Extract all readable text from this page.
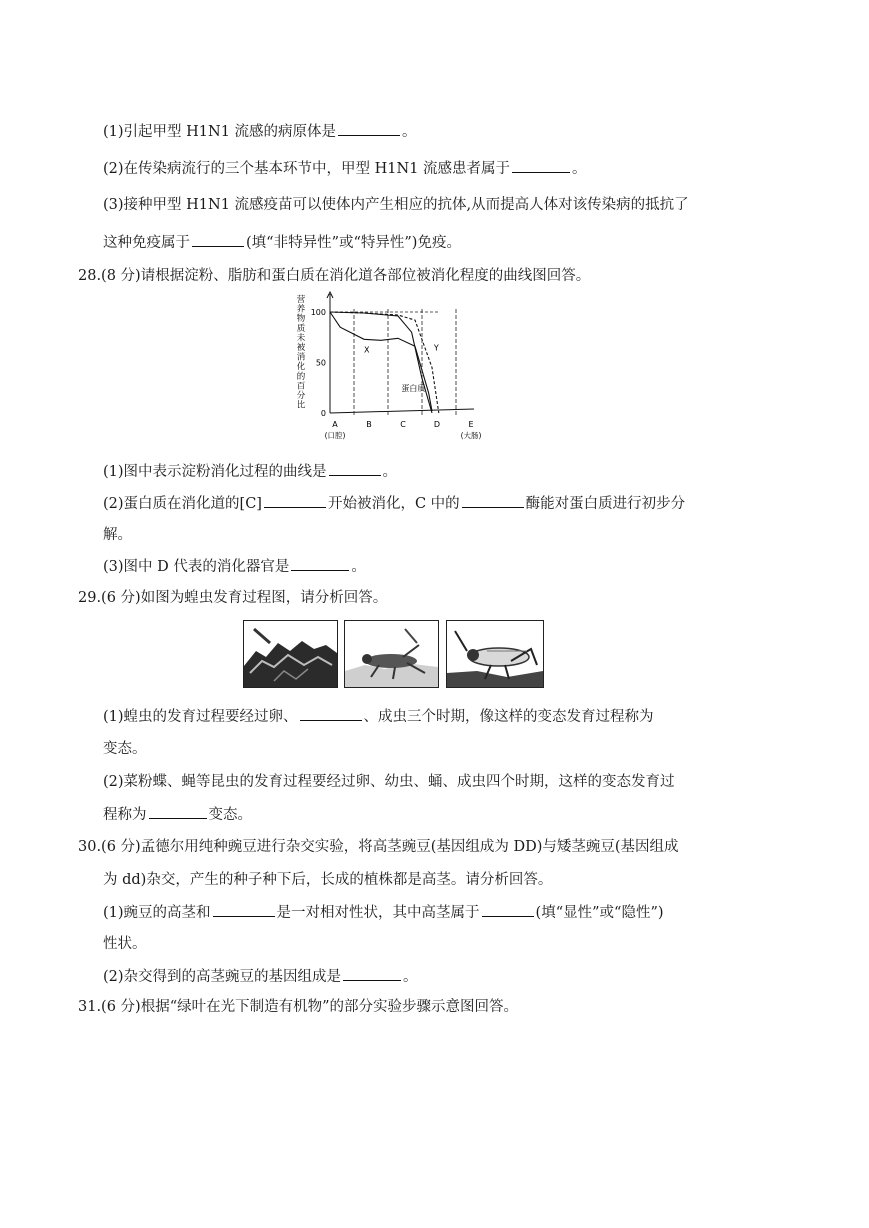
(1)引起甲型 H1N1 流感的病原体是	。
(2)在传染病流行的三个基本环节中，甲型 H1N1 流感患者属于	。
(3)接种甲型 H1N1 流感疫苗可以使体内产生相应的抗体,从而提高人体对该传染病的抵抗了
这种免疫属于	(填“非特异性”或“特异性”)免疫。
28.(8 分)请根据淀粉、脂肪和蛋白质在消化道各部位被消化程度的曲线图回答。
100
50
0
A
(口腔)
B	C	D	E
(大肠)
营
养
物
质
未
被
消
化
的
百
分
比
X	Y
蛋白质
(1)图中表示淀粉消化过程的曲线是	。
(2)蛋白质在消化道的[C]	开始被消化，C 中的	酶能对蛋白质进行初步分
解。
(3)图中 D 代表的消化器官是	。
29.(6 分)如图为蝗虫发育过程图，请分析回答。
(1)蝗虫的发育过程要经过卵、	、成虫三个时期，像这样的变态发育过程称为
变态。
(2)菜粉蝶、蝇等昆虫的发育过程要经过卵、幼虫、蛹、成虫四个时期，这样的变态发育过
程称为	变态。
30.(6 分)孟德尔用纯种豌豆进行杂交实验，将高茎豌豆(基因组成为 DD)与矮茎豌豆(基因组成
为 dd)杂交，产生的种子种下后，长成的植株都是高茎。请分析回答。
(1)豌豆的高茎和	是一对相对性状，其中高茎属于	(填“显性”或“隐性”)
性状。
(2)杂交得到的高茎豌豆的基因组成是	。
31.(6 分)根据“绿叶在光下制造有机物”的部分实验步骤示意图回答。
